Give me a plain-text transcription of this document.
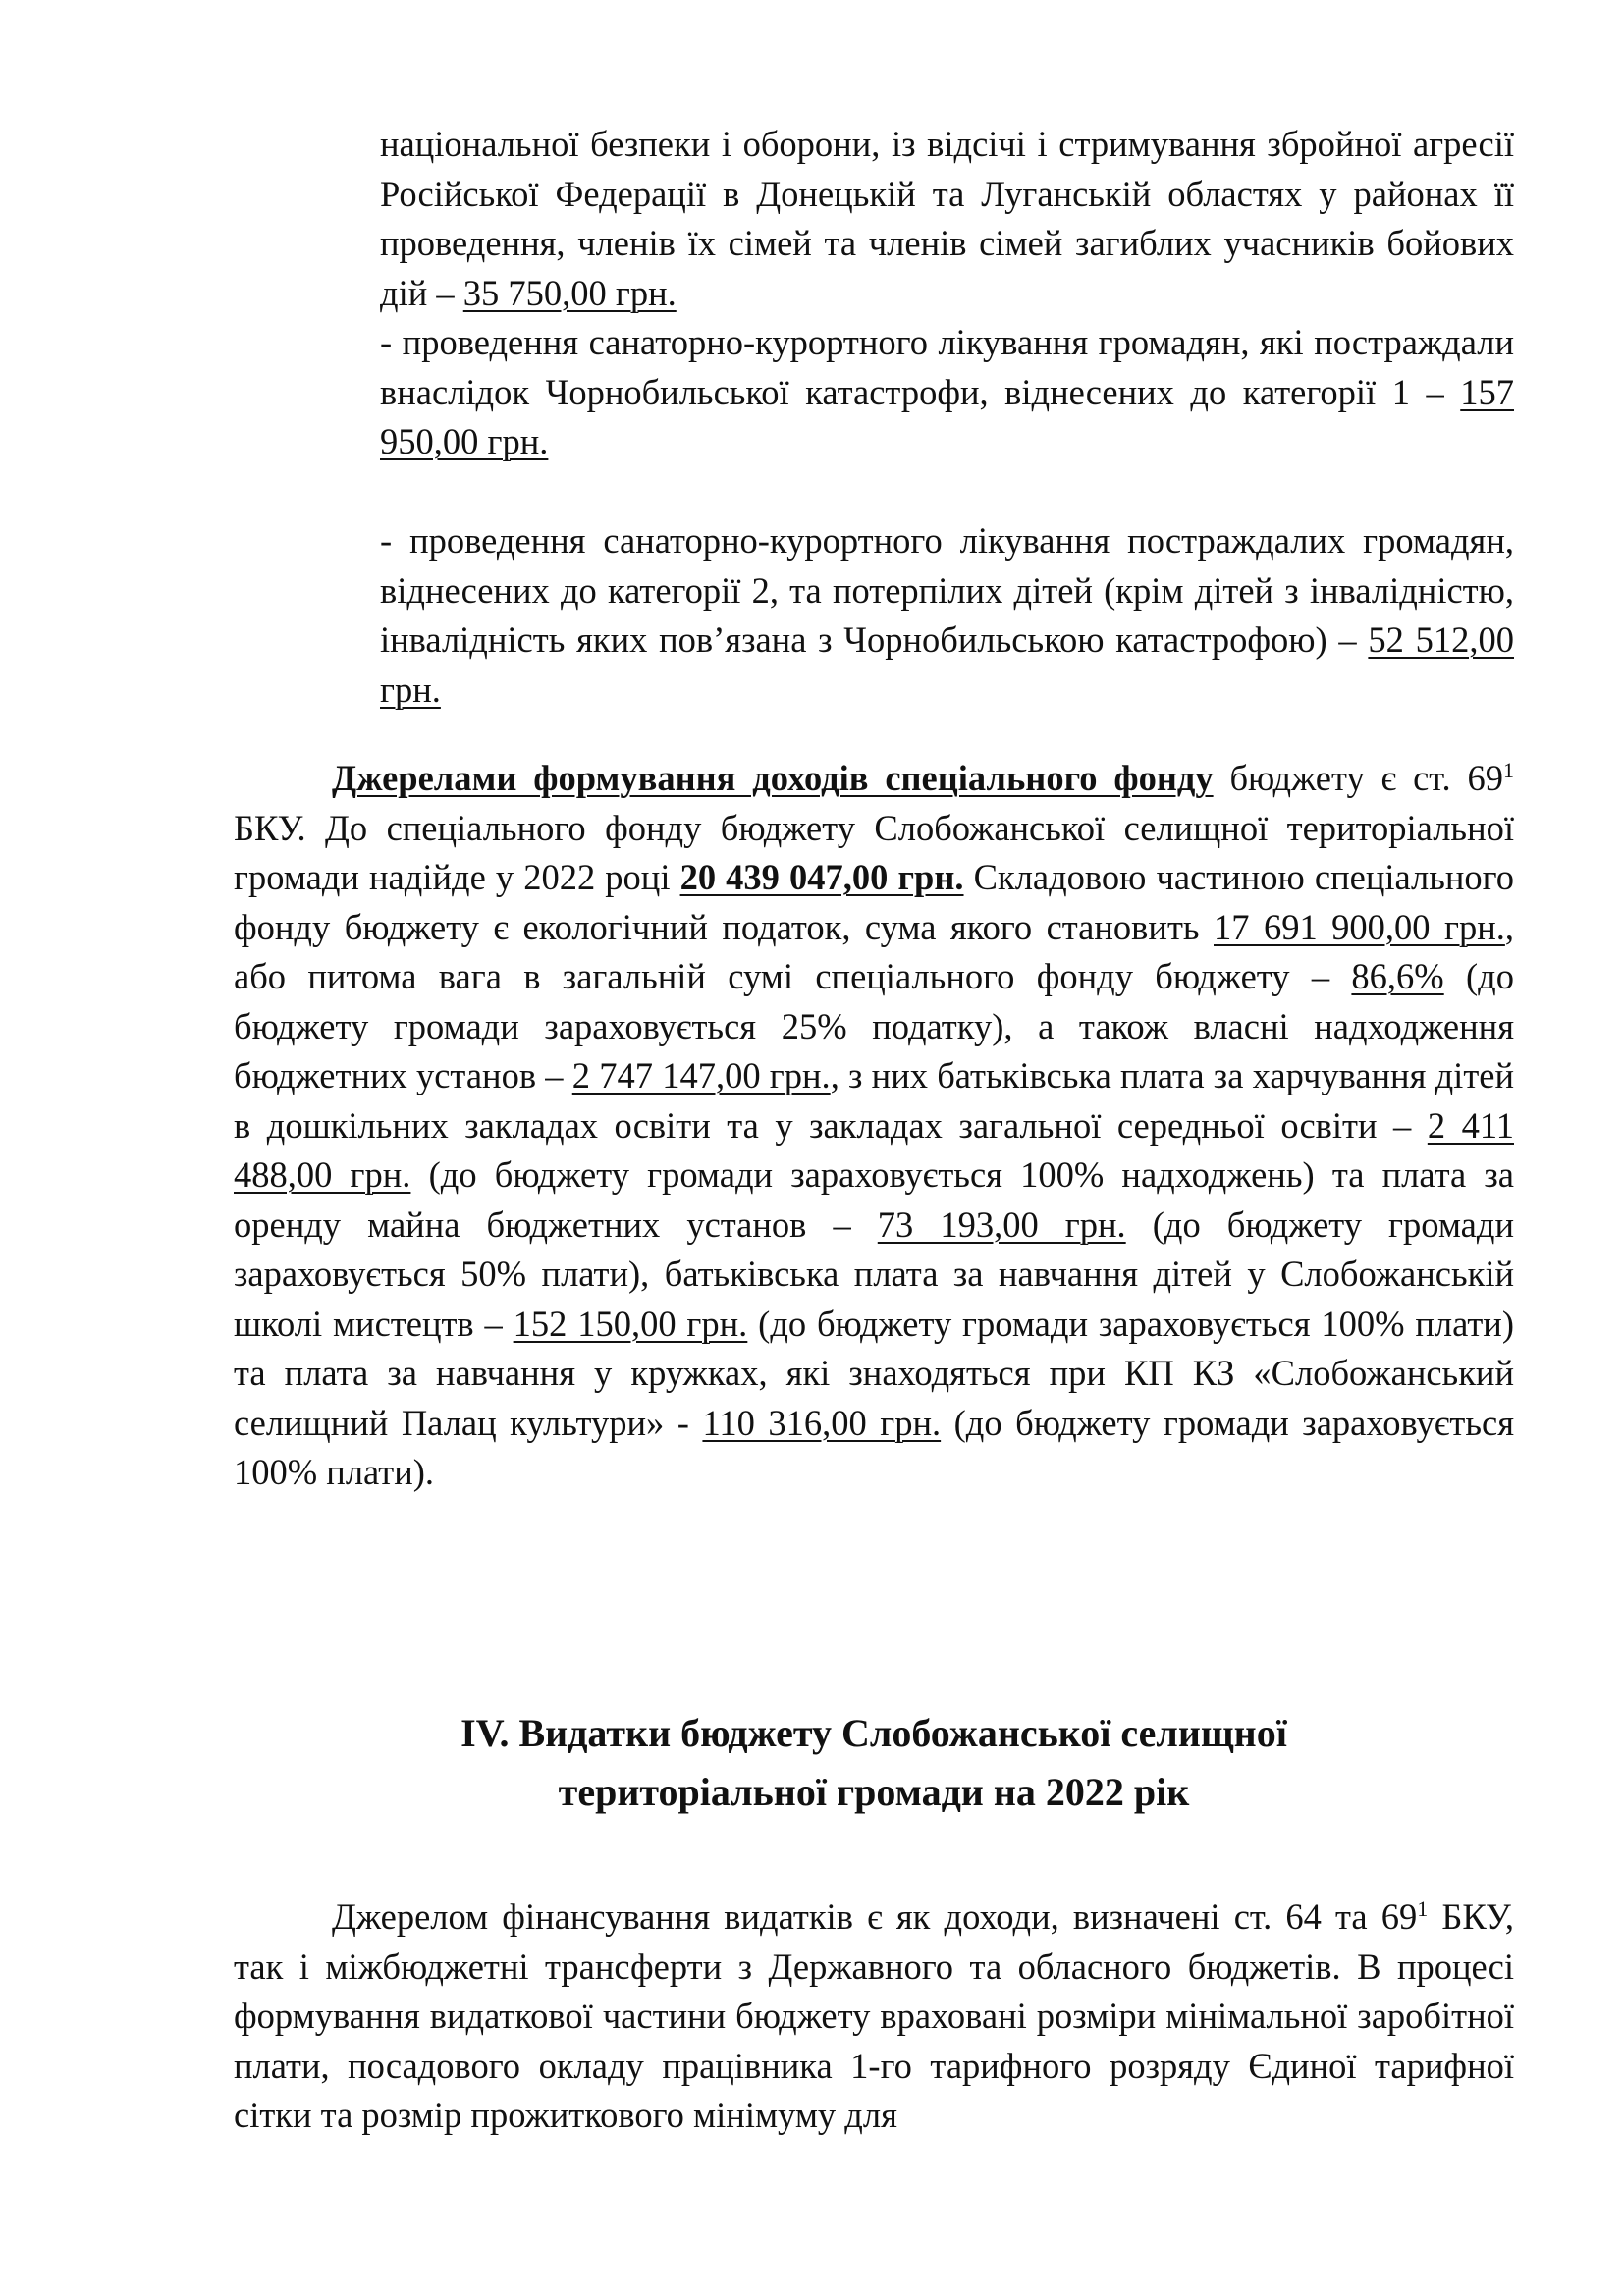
національної безпеки і оборони, із відсічі і стримування збройної агресії Російської Федерації в Донецькій та Луганській областях у районах її проведення, членів їх сімей та членів сімей загиблих учасників бойових дій – 35 750,00 грн.

- проведення санаторно-курортного лікування громадян, які постраждали внаслідок Чорнобильської катастрофи, віднесених до категорії 1 – 157 950,00 грн.

- проведення санаторно-курортного лікування постраждалих громадян, віднесених до категорії 2, та потерпілих дітей (крім дітей з інвалідністю, інвалідність яких пов’язана з Чорнобильською катастрофою) – 52 512,00 грн.

Джерелами формування доходів спеціального фонду бюджету є ст. $69^1$ БКУ. До спеціального фонду бюджету Слобожанської селищної територіальної громади надійде у 2022 році 20 439 047,00 грн. Складовою частиною спеціального фонду бюджету є екологічний податок, сума якого становить 17 691 900,00 грн., або питома вага в загальній сумі спеціального фонду бюджету – 86,6% (до бюджету громади зараховується 25% податку), а також власні надходження бюджетних установ – 2 747 147,00 грн., з них батьківська плата за харчування дітей в дошкільних закладах освіти та у закладах загальної середньої освіти – 2 411 488,00 грн. (до бюджету громади зараховується 100% надходжень) та плата за оренду майна бюджетних установ – 73 193,00 грн. (до бюджету громади зараховується 50% плати), батьківська плата за навчання дітей у Слобожанській школі мистецтв – 152 150,00 грн. (до бюджету громади зараховується 100% плати) та плата за навчання у кружках, які знаходяться при КП КЗ «Слобожанський селищний Палац культури» - 110 316,00 грн. (до бюджету громади зараховується 100% плати).

IV. Видатки бюджету Слобожанської селищної
територіальної громади на 2022 рік

Джерелом фінансування видатків є як доходи, визначені ст. 64 та $69^1$ БКУ, так і міжбюджетні трансферти з Державного та обласного бюджетів. В процесі формування видаткової частини бюджету враховані розміри мінімальної заробітної плати, посадового окладу працівника 1-го тарифного розряду Єдиної тарифної сітки та розмір прожиткового мінімуму для
